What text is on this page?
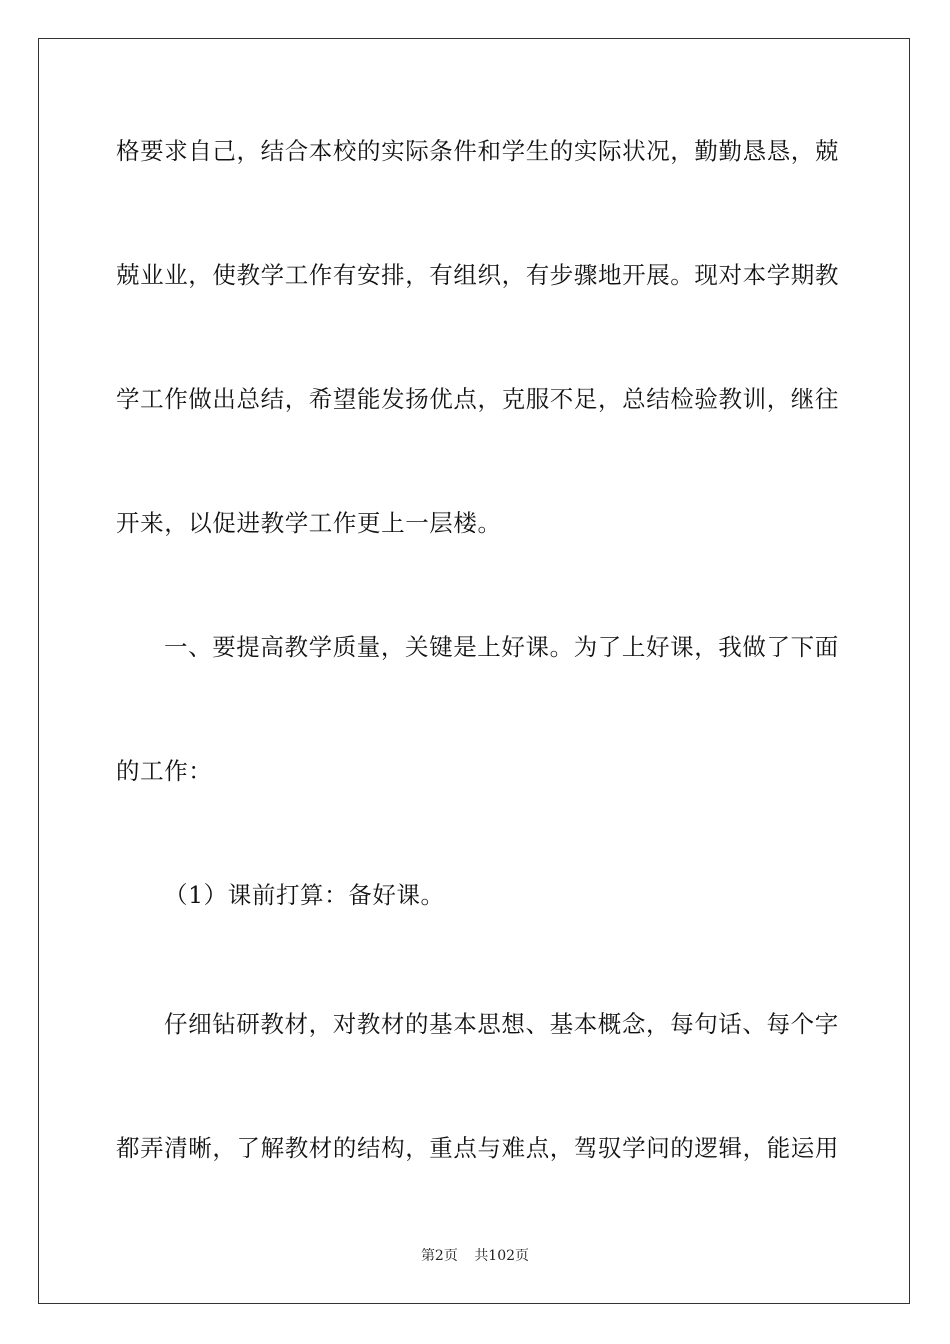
格要求自己，结合本校的实际条件和学生的实际状况，勤勤恳恳，兢
兢业业，使教学工作有安排，有组织，有步骤地开展。现对本学期教
学工作做出总结，希望能发扬优点，克服不足，总结检验教训，继往
开来，以促进教学工作更上一层楼。
一、要提高教学质量，关键是上好课。为了上好课，我做了下面
的工作：
（1）课前打算：备好课。
仔细钻研教材，对教材的基本思想、基本概念，每句话、每个字
都弄清晰，了解教材的结构，重点与难点，驾驭学问的逻辑，能运用
第2页 共102页
